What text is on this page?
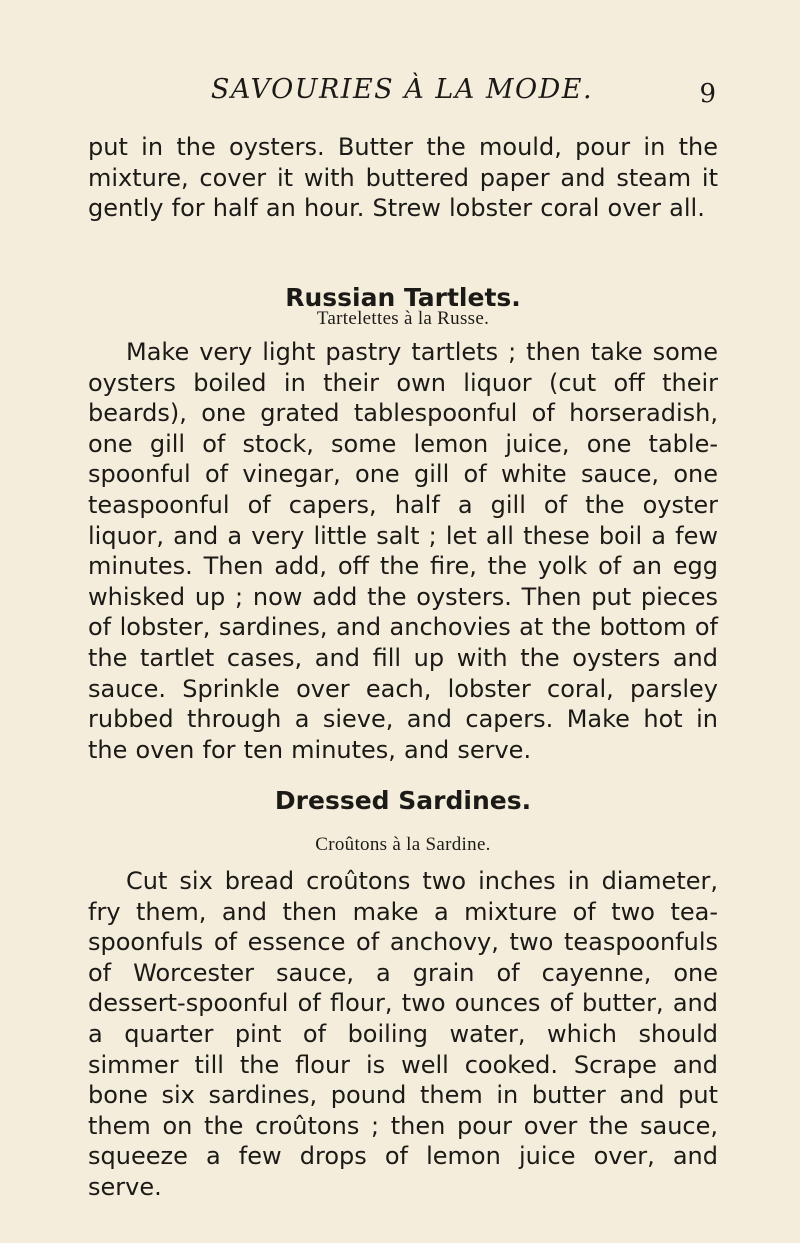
SAVOURIES À LA MODE.	9

put in the oysters. Butter the mould, pour in the mixture, cover it with buttered paper and steam it gently for half an hour. Strew lobster coral over all.

Russian Tartlets.
Tartelettes à la Russe.

Make very light pastry tartlets ; then take some oysters boiled in their own liquor (cut off their beards), one grated tablespoonful of horseradish, one gill of stock, some lemon juice, one table-spoonful of vinegar, one gill of white sauce, one teaspoonful of capers, half a gill of the oyster liquor, and a very little salt ; let all these boil a few minutes. Then add, off the fire, the yolk of an egg whisked up ; now add the oysters. Then put pieces of lobster, sardines, and anchovies at the bottom of the tartlet cases, and fill up with the oysters and sauce. Sprinkle over each, lobster coral, parsley rubbed through a sieve, and capers. Make hot in the oven for ten minutes, and serve.

Dressed Sardines.
Croûtons à la Sardine.

Cut six bread croûtons two inches in diameter, fry them, and then make a mixture of two tea-spoonfuls of essence of anchovy, two teaspoonfuls of Worcester sauce, a grain of cayenne, one dessert-spoonful of flour, two ounces of butter, and a quarter pint of boiling water, which should simmer till the flour is well cooked. Scrape and bone six sardines, pound them in butter and put them on the croûtons ; then pour over the sauce, squeeze a few drops of lemon juice over, and serve.
